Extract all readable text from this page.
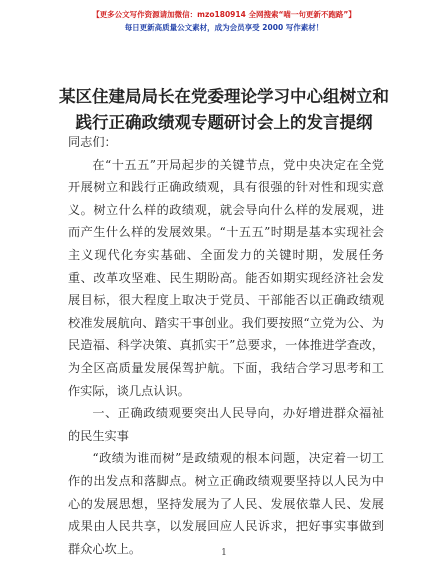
【更多公文写作资源请加微信：mzo180914 全网搜索“喵一句更新不跑路”】
每日更新高质量公文素材，成为会员享受 2000 写作素材！
某区住建局局长在党委理论学习中心组树立和
践行正确政绩观专题研讨会上的发言提纲

同志们：

在“十五五”开局起步的关键节点，党中央决定在全党开展树立和践行正确政绩观，具有很强的针对性和现实意义。树立什么样的政绩观，就会导向什么样的发展观，进而产生什么样的发展效果。“十五五”时期是基本实现社会主义现代化夯实基础、全面发力的关键时期，发展任务重、改革攻坚难、民生期盼高。能否如期实现经济社会发展目标，很大程度上取决于党员、干部能否以正确政绩观校准发展航向、踏实干事创业。我们要按照“立党为公、为民造福、科学决策、真抓实干”总要求，一体推进学查改，为全区高质量发展保驾护航。下面，我结合学习思考和工作实际，谈几点认识。

一、正确政绩观要突出人民导向，办好增进群众福祉的民生实事

“政绩为谁而树”是政绩观的根本问题，决定着一切工作的出发点和落脚点。树立正确政绩观要坚持以人民为中心的发展思想，坚持发展为了人民、发展依靠人民、发展成果由人民共享，以发展回应人民诉求，把好事实事做到群众心坎上。	1
